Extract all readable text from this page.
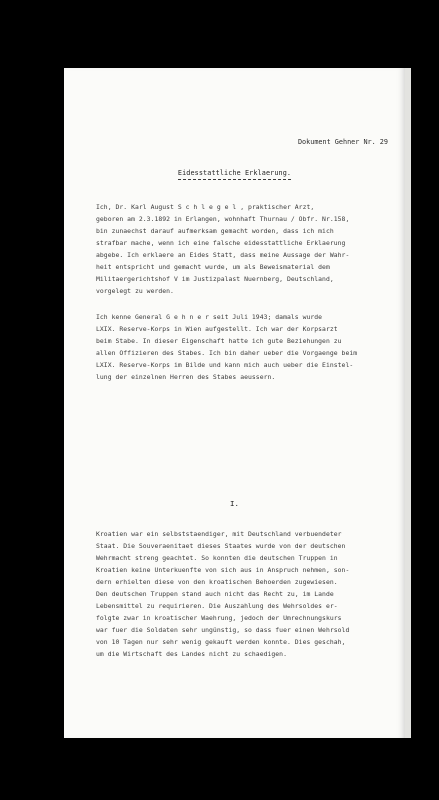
Dokument Gehner Nr. 29
Eidesstattliche Erklaerung.
Ich, Dr. Karl August S c h l e g e l , praktischer Arzt,
geboren am 2.3.1892 in Erlangen, wohnhaft Thurnau / Obfr. Nr.158,
bin zunaechst darauf aufmerksam gemacht worden, dass ich mich
strafbar mache, wenn ich eine falsche eidesstattliche Erklaerung
abgebe. Ich erklaere an Eides Statt, dass meine Aussage der Wahr-
heit entspricht und gemacht wurde, um als Beweismaterial dem
Militaergerichtshof V im Justizpalast Nuernberg, Deutschland,
vorgelegt zu werden.
Ich kenne General G e h n e r seit Juli 1943; damals wurde
LXIX. Reserve-Korps in Wien aufgestellt. Ich war der Korpsarzt
beim Stabe. In dieser Eigenschaft hatte ich gute Beziehungen zu
allen Offizieren des Stabes. Ich bin daher ueber die Vorgaenge beim
LXIX. Reserve-Korps im Bilde und kann mich auch ueber die Einstel-
lung der einzelnen Herren des Stabes aeussern.
I.
Kroatien war ein selbststaendiger, mit Deutschland verbuendeter
Staat. Die Souveraenitaet dieses Staates wurde von der deutschen
Wehrmacht streng geachtet. So konnten die deutschen Truppen in
Kroatien keine Unterkuenfte von sich aus in Anspruch nehmen, son-
dern erhielten diese von den kroatischen Behoerden zugewiesen.
Den deutschen Truppen stand auch nicht das Recht zu, im Lande
Lebensmittel zu requirieren. Die Auszahlung des Wehrsoldes er-
folgte zwar in kroatischer Waehrung, jedoch der Umrechnungskurs
war fuer die Soldaten sehr ungünstig, so dass fuer einen Wehrsold
von 10 Tagen nur sehr wenig gekauft werden konnte. Dies geschah,
um die Wirtschaft des Landes nicht zu schaedigen.
